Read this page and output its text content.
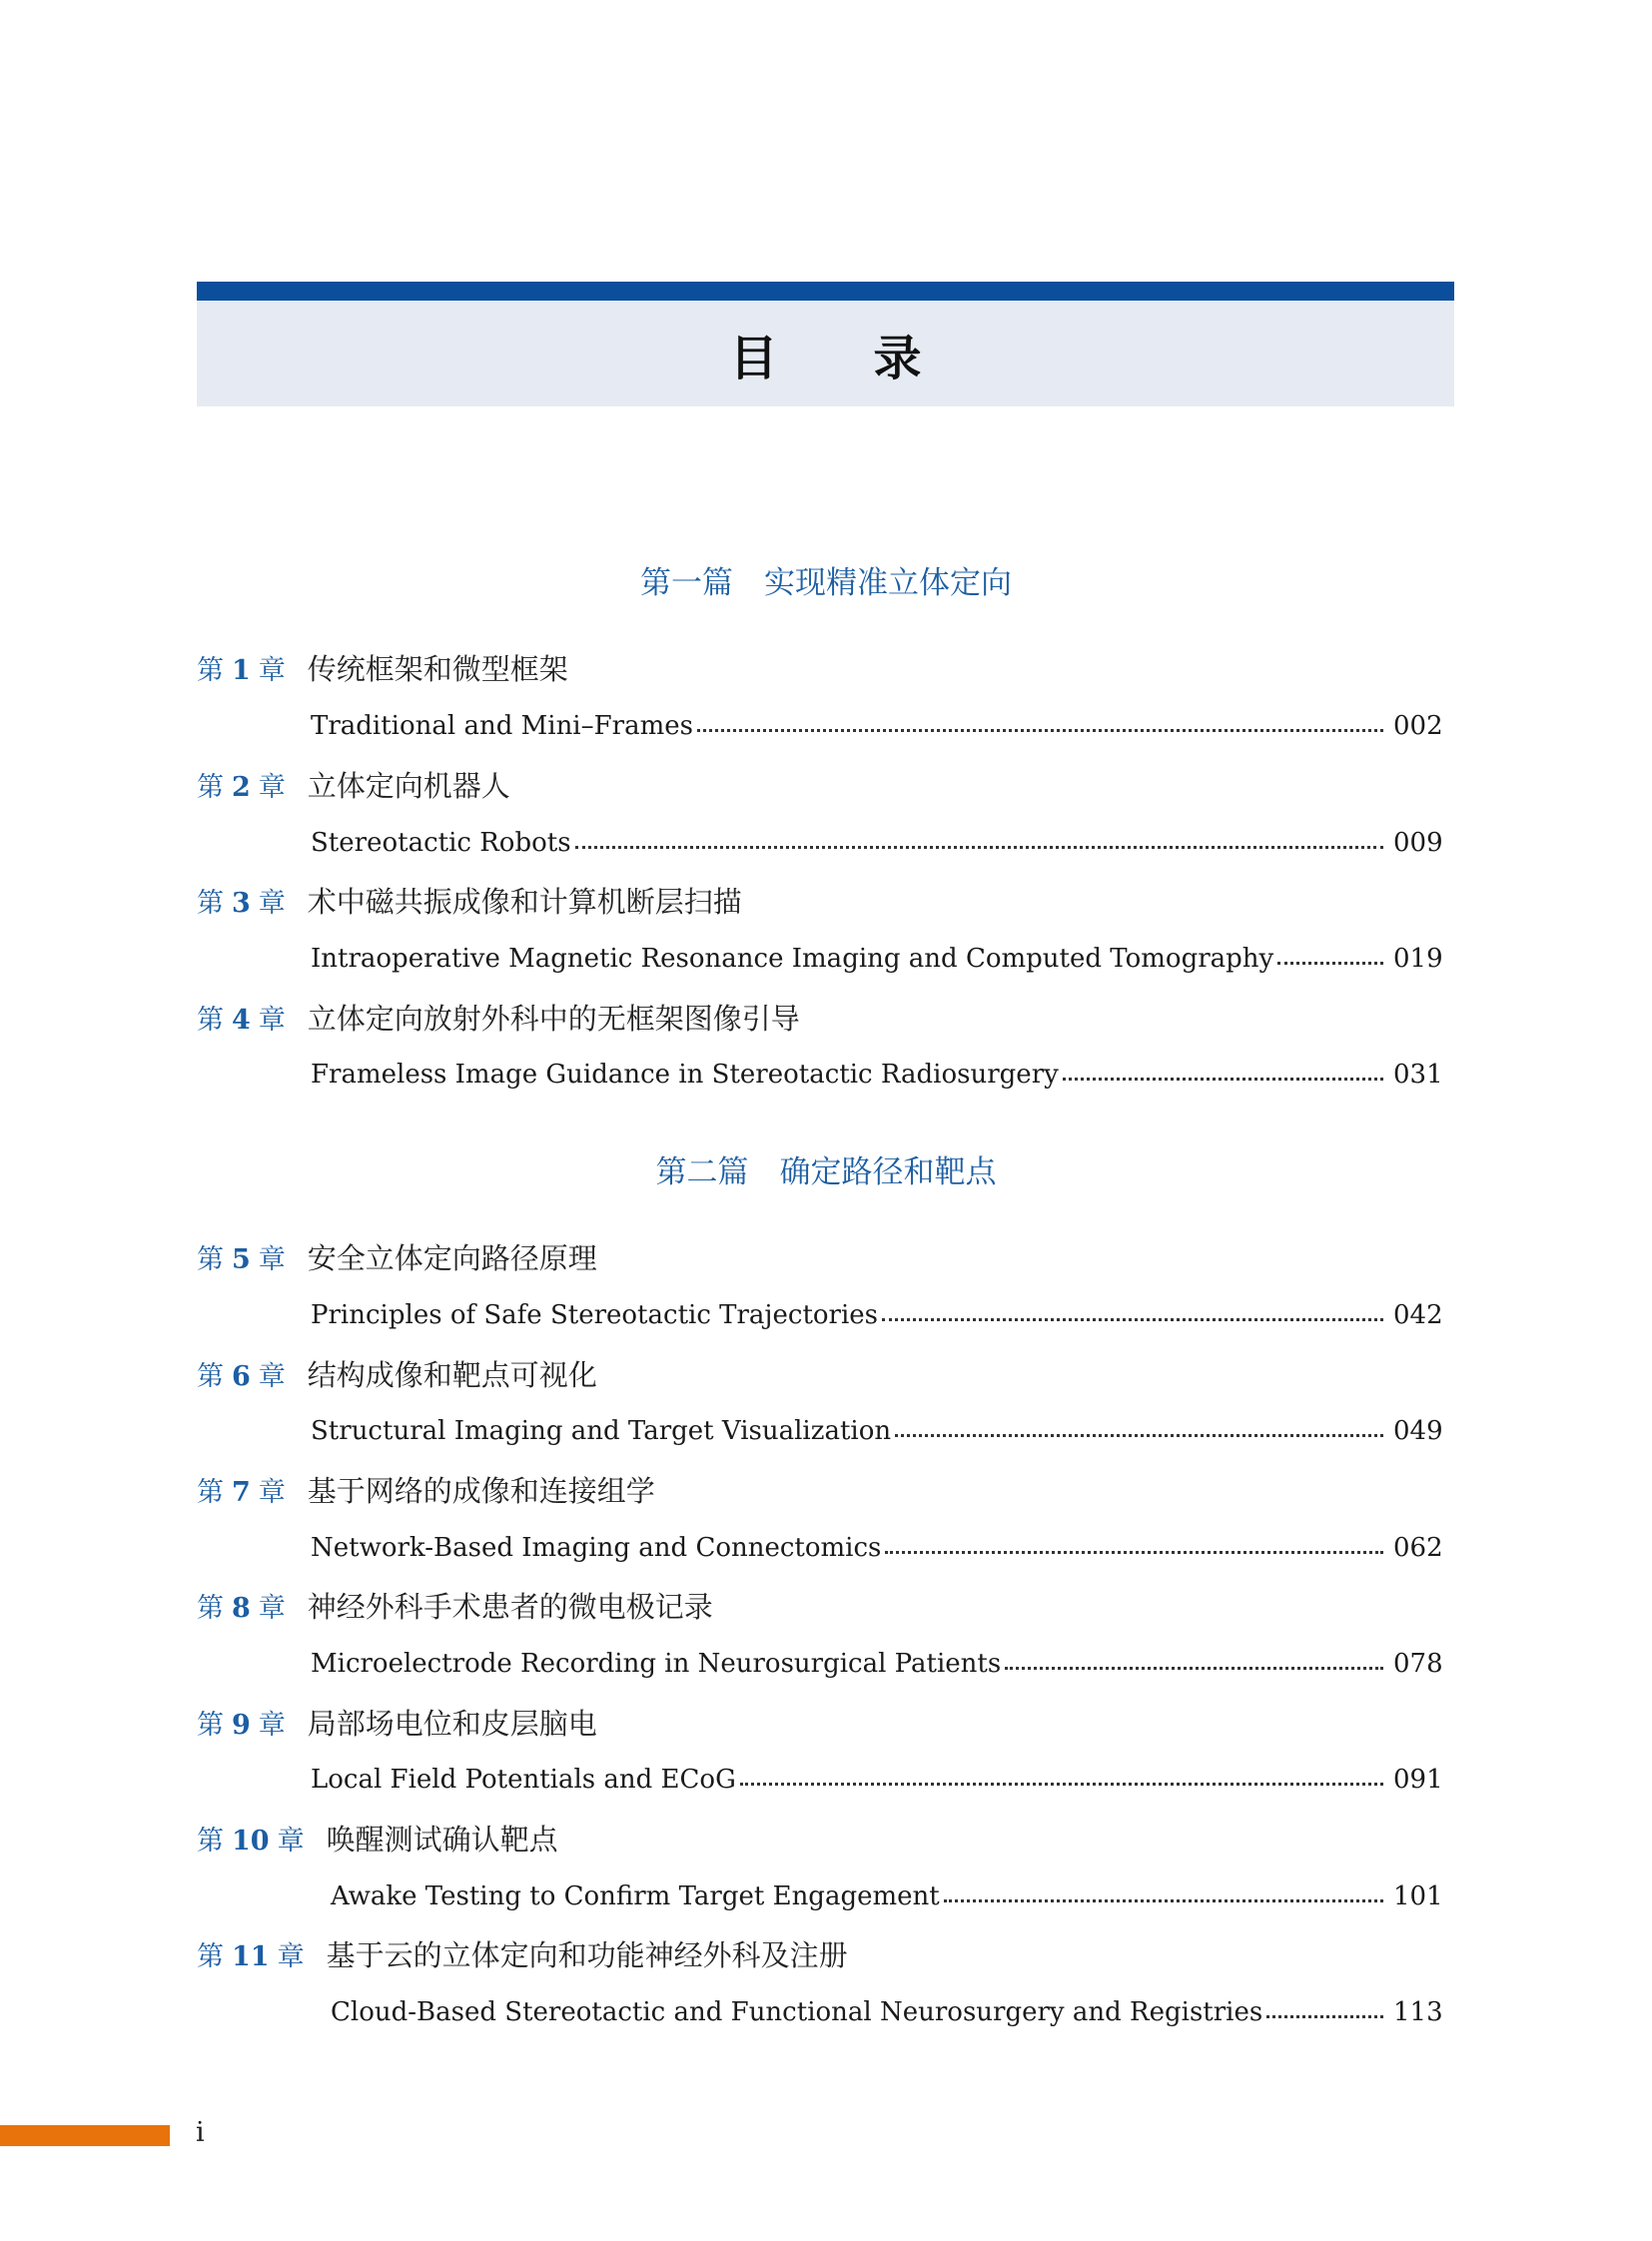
目录
第一篇　实现精准立体定向
第 1 章 传统框架和微型框架
Traditional and Mini–Frames	002
第 2 章 立体定向机器人
Stereotactic Robots	009
第 3 章 术中磁共振成像和计算机断层扫描
Intraoperative Magnetic Resonance Imaging and Computed Tomography	019
第 4 章 立体定向放射外科中的无框架图像引导
Frameless Image Guidance in Stereotactic Radiosurgery	031
第二篇　确定路径和靶点
第 5 章 安全立体定向路径原理
Principles of Safe Stereotactic Trajectories	042
第 6 章 结构成像和靶点可视化
Structural Imaging and Target Visualization	049
第 7 章 基于网络的成像和连接组学
Network-Based Imaging and Connectomics	062
第 8 章 神经外科手术患者的微电极记录
Microelectrode Recording in Neurosurgical Patients	078
第 9 章 局部场电位和皮层脑电
Local Field Potentials and ECoG	091
第 10 章 唤醒测试确认靶点
Awake Testing to Confirm Target Engagement	101
第 11 章 基于云的立体定向和功能神经外科及注册
Cloud-Based Stereotactic and Functional Neurosurgery and Registries	113
i
